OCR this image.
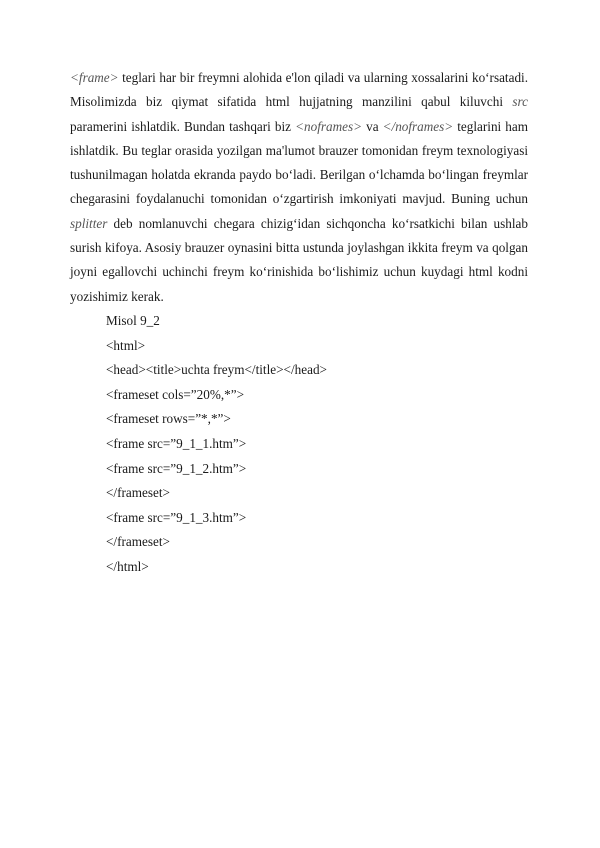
<frame> teglari har bir freymni alohida e'lon qiladi va ularning xossalarini ko‘rsatadi. Misolimizda biz qiymat sifatida html hujjatning manzilini qabul kiluvchi src paramerini ishlatdik. Bundan tashqari biz <noframes> va </noframes> teglarini ham ishlatdik. Bu teglar orasida yozilgan ma'lumot brauzer tomonidan freym texnologiyasi tushunilmagan holatda ekranda paydo bo‘ladi. Berilgan o‘lchamda bo‘lingan freymlar chegarasini foydalanuchi tomonidan o‘zgartirish imkoniyati mavjud. Buning uchun splitter deb nomlanuvchi chegara chizig‘idan sichqoncha ko‘rsatkichi bilan ushlab surish kifoya. Asosiy brauzer oynasini bitta ustunda joylashgan ikkita freym va qolgan joyni egallovchi uchinchi freym ko‘rinishida bo‘lishimiz uchun kuydagi html kodni yozishimiz kerak.

Misol 9_2
<html>
<head><title>uchta freym</title></head>
<frameset cols=”20%,*”>
<frameset rows=”*,*”>
<frame src=”9_1_1.htm”>
<frame src=”9_1_2.htm”>
</frameset>
<frame src=”9_1_3.htm”>
</frameset>
</html>
